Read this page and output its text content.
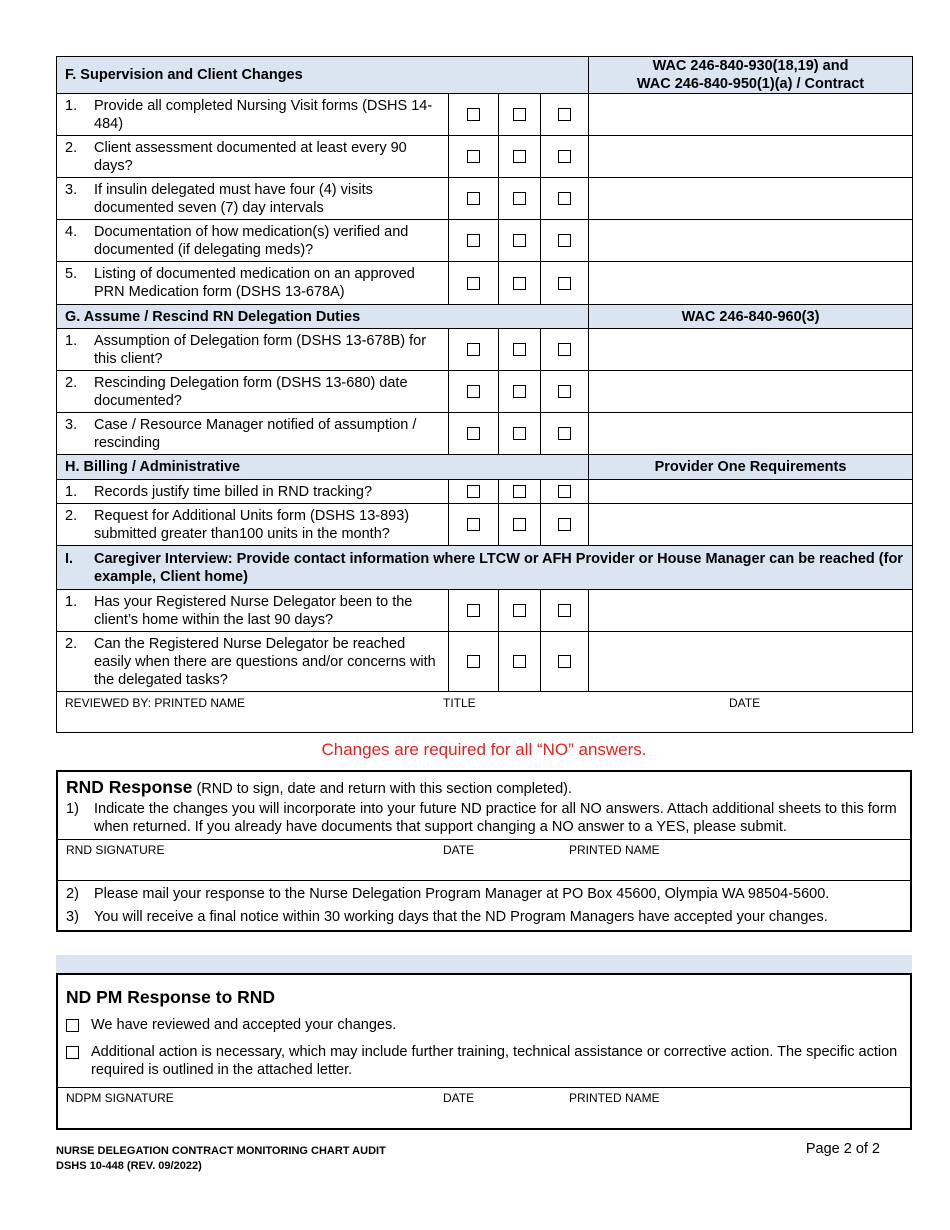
F. Supervision and Client Changes				WAC 246-840-930(18,19) and
WAC 246-840-950(1)(a) / Contract

1. Provide all completed Nursing Visit forms (DSHS 14-484)				

2. Client assessment documented at least every 90 days?				

3. If insulin delegated must have four (4) visits documented seven (7) day intervals				

4. Documentation of how medication(s) verified and documented (if delegating meds)?				

5. Listing of documented medication on an approved PRN Medication form (DSHS 13-678A)				

G. Assume / Rescind RN Delegation Duties				WAC 246-840-960(3)

1. Assumption of Delegation form (DSHS 13-678B) for this client?				

2. Rescinding Delegation form (DSHS 13-680) date documented?				

3. Case / Resource Manager notified of assumption / rescinding				

H. Billing / Administrative				Provider One Requirements

1. Records justify time billed in RND tracking?				

2. Request for Additional Units form (DSHS 13-893) submitted greater than100 units in the month?				

I. Caregiver Interview: Provide contact information where LTCW or AFH Provider or House Manager can be reached (for example, Client home)				

1. Has your Registered Nurse Delegator been to the client’s home within the last 90 days?				

2. Can the Registered Nurse Delegator be reached easily when there are questions and/or concerns with the delegated tasks?				

REVIEWED BY: PRINTED NAME TITLE DATE				
Changes are required for all “NO” answers.
RND Response (RND to sign, date and return with this section completed).
1)	Indicate the changes you will incorporate into your future ND practice for all NO answers. Attach additional sheets to this form when returned. If you already have documents that support changing a NO answer to a YES, please submit.
RND SIGNATURE	DATE	PRINTED NAME
2)	Please mail your response to the Nurse Delegation Program Manager at PO Box 45600, Olympia WA 98504-5600.
3)	You will receive a final notice within 30 working days that the ND Program Managers have accepted your changes.
ND PM Response to RND
We have reviewed and accepted your changes.
Additional action is necessary, which may include further training, technical assistance or corrective action. The specific action required is outlined in the attached letter.
NDPM SIGNATURE	DATE	PRINTED NAME
NURSE DELEGATION CONTRACT MONITORING CHART AUDIT
DSHS 10-448 (REV. 09/2022)
Page 2 of 2
